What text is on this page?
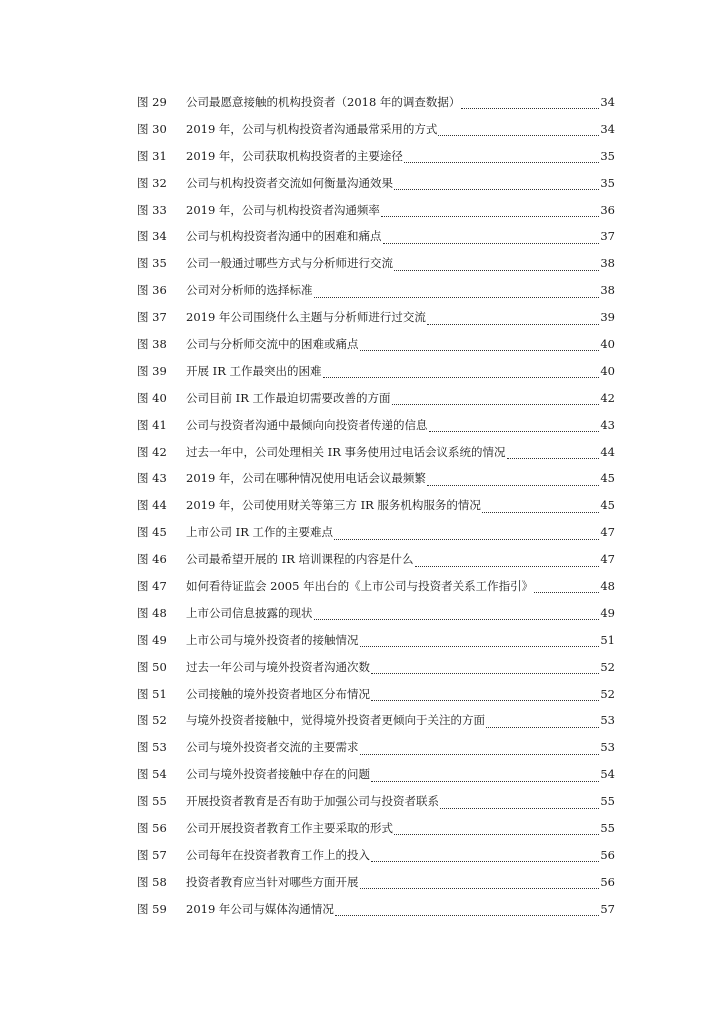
图 29	公司最愿意接触的机构投资者（2018 年的调查数据）	34
图 30	2019 年，公司与机构投资者沟通最常采用的方式	34
图 31	2019 年，公司获取机构投资者的主要途径	35
图 32	公司与机构投资者交流如何衡量沟通效果	35
图 33	2019 年，公司与机构投资者沟通频率	36
图 34	公司与机构投资者沟通中的困难和痛点	37
图 35	公司一般通过哪些方式与分析师进行交流	38
图 36	公司对分析师的选择标准	38
图 37	2019 年公司围绕什么主题与分析师进行过交流	39
图 38	公司与分析师交流中的困难或痛点	40
图 39	开展 IR 工作最突出的困难	40
图 40	公司目前 IR 工作最迫切需要改善的方面	42
图 41	公司与投资者沟通中最倾向向投资者传递的信息	43
图 42	过去一年中，公司处理相关 IR 事务使用过电话会议系统的情况	44
图 43	2019 年，公司在哪种情况使用电话会议最频繁	45
图 44	2019 年，公司使用财关等第三方 IR 服务机构服务的情况	45
图 45	上市公司 IR 工作的主要难点	47
图 46	公司最希望开展的 IR 培训课程的内容是什么	47
图 47	如何看待证监会 2005 年出台的《上市公司与投资者关系工作指引》	48
图 48	上市公司信息披露的现状	49
图 49	上市公司与境外投资者的接触情况	51
图 50	过去一年公司与境外投资者沟通次数	52
图 51	公司接触的境外投资者地区分布情况	52
图 52	与境外投资者接触中，觉得境外投资者更倾向于关注的方面	53
图 53	公司与境外投资者交流的主要需求	53
图 54	公司与境外投资者接触中存在的问题	54
图 55	开展投资者教育是否有助于加强公司与投资者联系	55
图 56	公司开展投资者教育工作主要采取的形式	55
图 57	公司每年在投资者教育工作上的投入	56
图 58	投资者教育应当针对哪些方面开展	56
图 59	2019 年公司与媒体沟通情况	57
